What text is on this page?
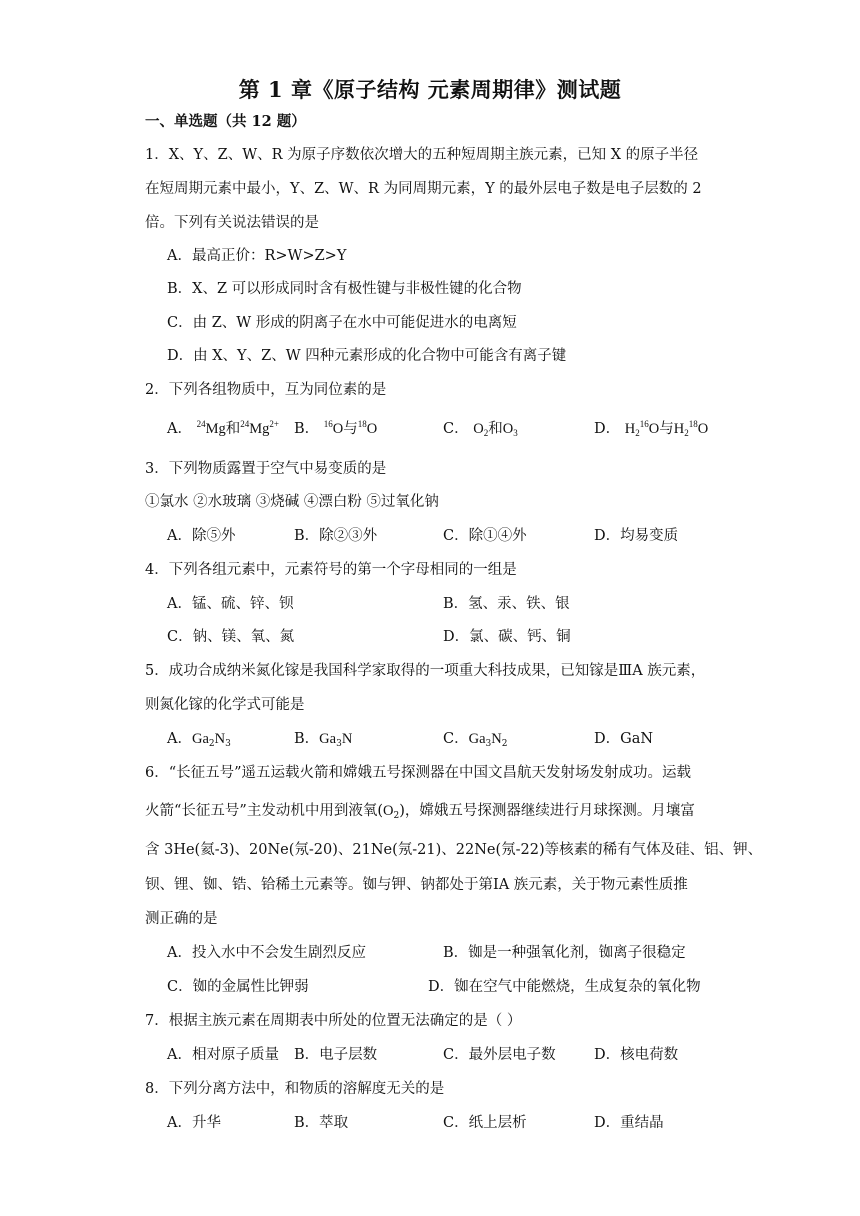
第 1 章《原子结构 元素周期律》测试题
一、单选题（共 12 题）
1．X、Y、Z、W、R 为原子序数依次增大的五种短周期主族元素，已知 X 的原子半径
在短周期元素中最小，Y、Z、W、R 为同周期元素，Y 的最外层电子数是电子层数的 2
倍。下列有关说法错误的是
A．最高正价：R>W>Z>Y
B．X、Z 可以形成同时含有极性键与非极性键的化合物
C．由 Z、W 形成的阴离子在水中可能促进水的电离短
D．由 X、Y、Z、W 四种元素形成的化合物中可能含有离子键
2．下列各组物质中，互为同位素的是
A． $^{24}$Mg和$^{24}Mg^{2+}$ B． $^{16}$O与$^{18}$O	C． $O_2$和$O_3$	D． $H_2^{16}O$与$H_2^{18}O$
3．下列物质露置于空气中易变质的是
①氯水 ②水玻璃 ③烧碱 ④漂白粉 ⑤过氧化钠
A．除⑤外	B．除②③外	C．除①④外	D．均易变质
4．下列各组元素中，元素符号的第一个字母相同的一组是
A．锰、硫、锌、钡	B．氢、汞、铁、银
C．钠、镁、氧、氮	D．氯、碳、钙、铜
5．成功合成纳米氮化镓是我国科学家取得的一项重大科技成果，已知镓是ⅢA 族元素，
则氮化镓的化学式可能是
A．$Ga_2N_3$	B．$Ga_3N$	C．$Ga_3N_2$	D．GaN
6．“长征五号”遥五运载火箭和嫦娥五号探测器在中国文昌航天发射场发射成功。运载
火箭“长征五号”主发动机中用到液氧$(O_2)$，嫦娥五号探测器继续进行月球探测。月壤富
含 3He(氦-3)、20Ne(氖-20)、21Ne(氖-21)、22Ne(氖-22)等核素的稀有气体及硅、铝、钾、
钡、锂、铷、锆、铪稀土元素等。铷与钾、钠都处于第ⅠA 族元素，关于物元素性质推
测正确的是
A．投入水中不会发生剧烈反应	B．铷是一种强氧化剂，铷离子很稳定
C．铷的金属性比钾弱	D．铷在空气中能燃烧，生成复杂的氧化物
7．根据主族元素在周期表中所处的位置无法确定的是（ ）
A．相对原子质量 B．电子层数	C．最外层电子数	D．核电荷数
8．下列分离方法中，和物质的溶解度无关的是
A．升华	B．萃取	C．纸上层析	D．重结晶
